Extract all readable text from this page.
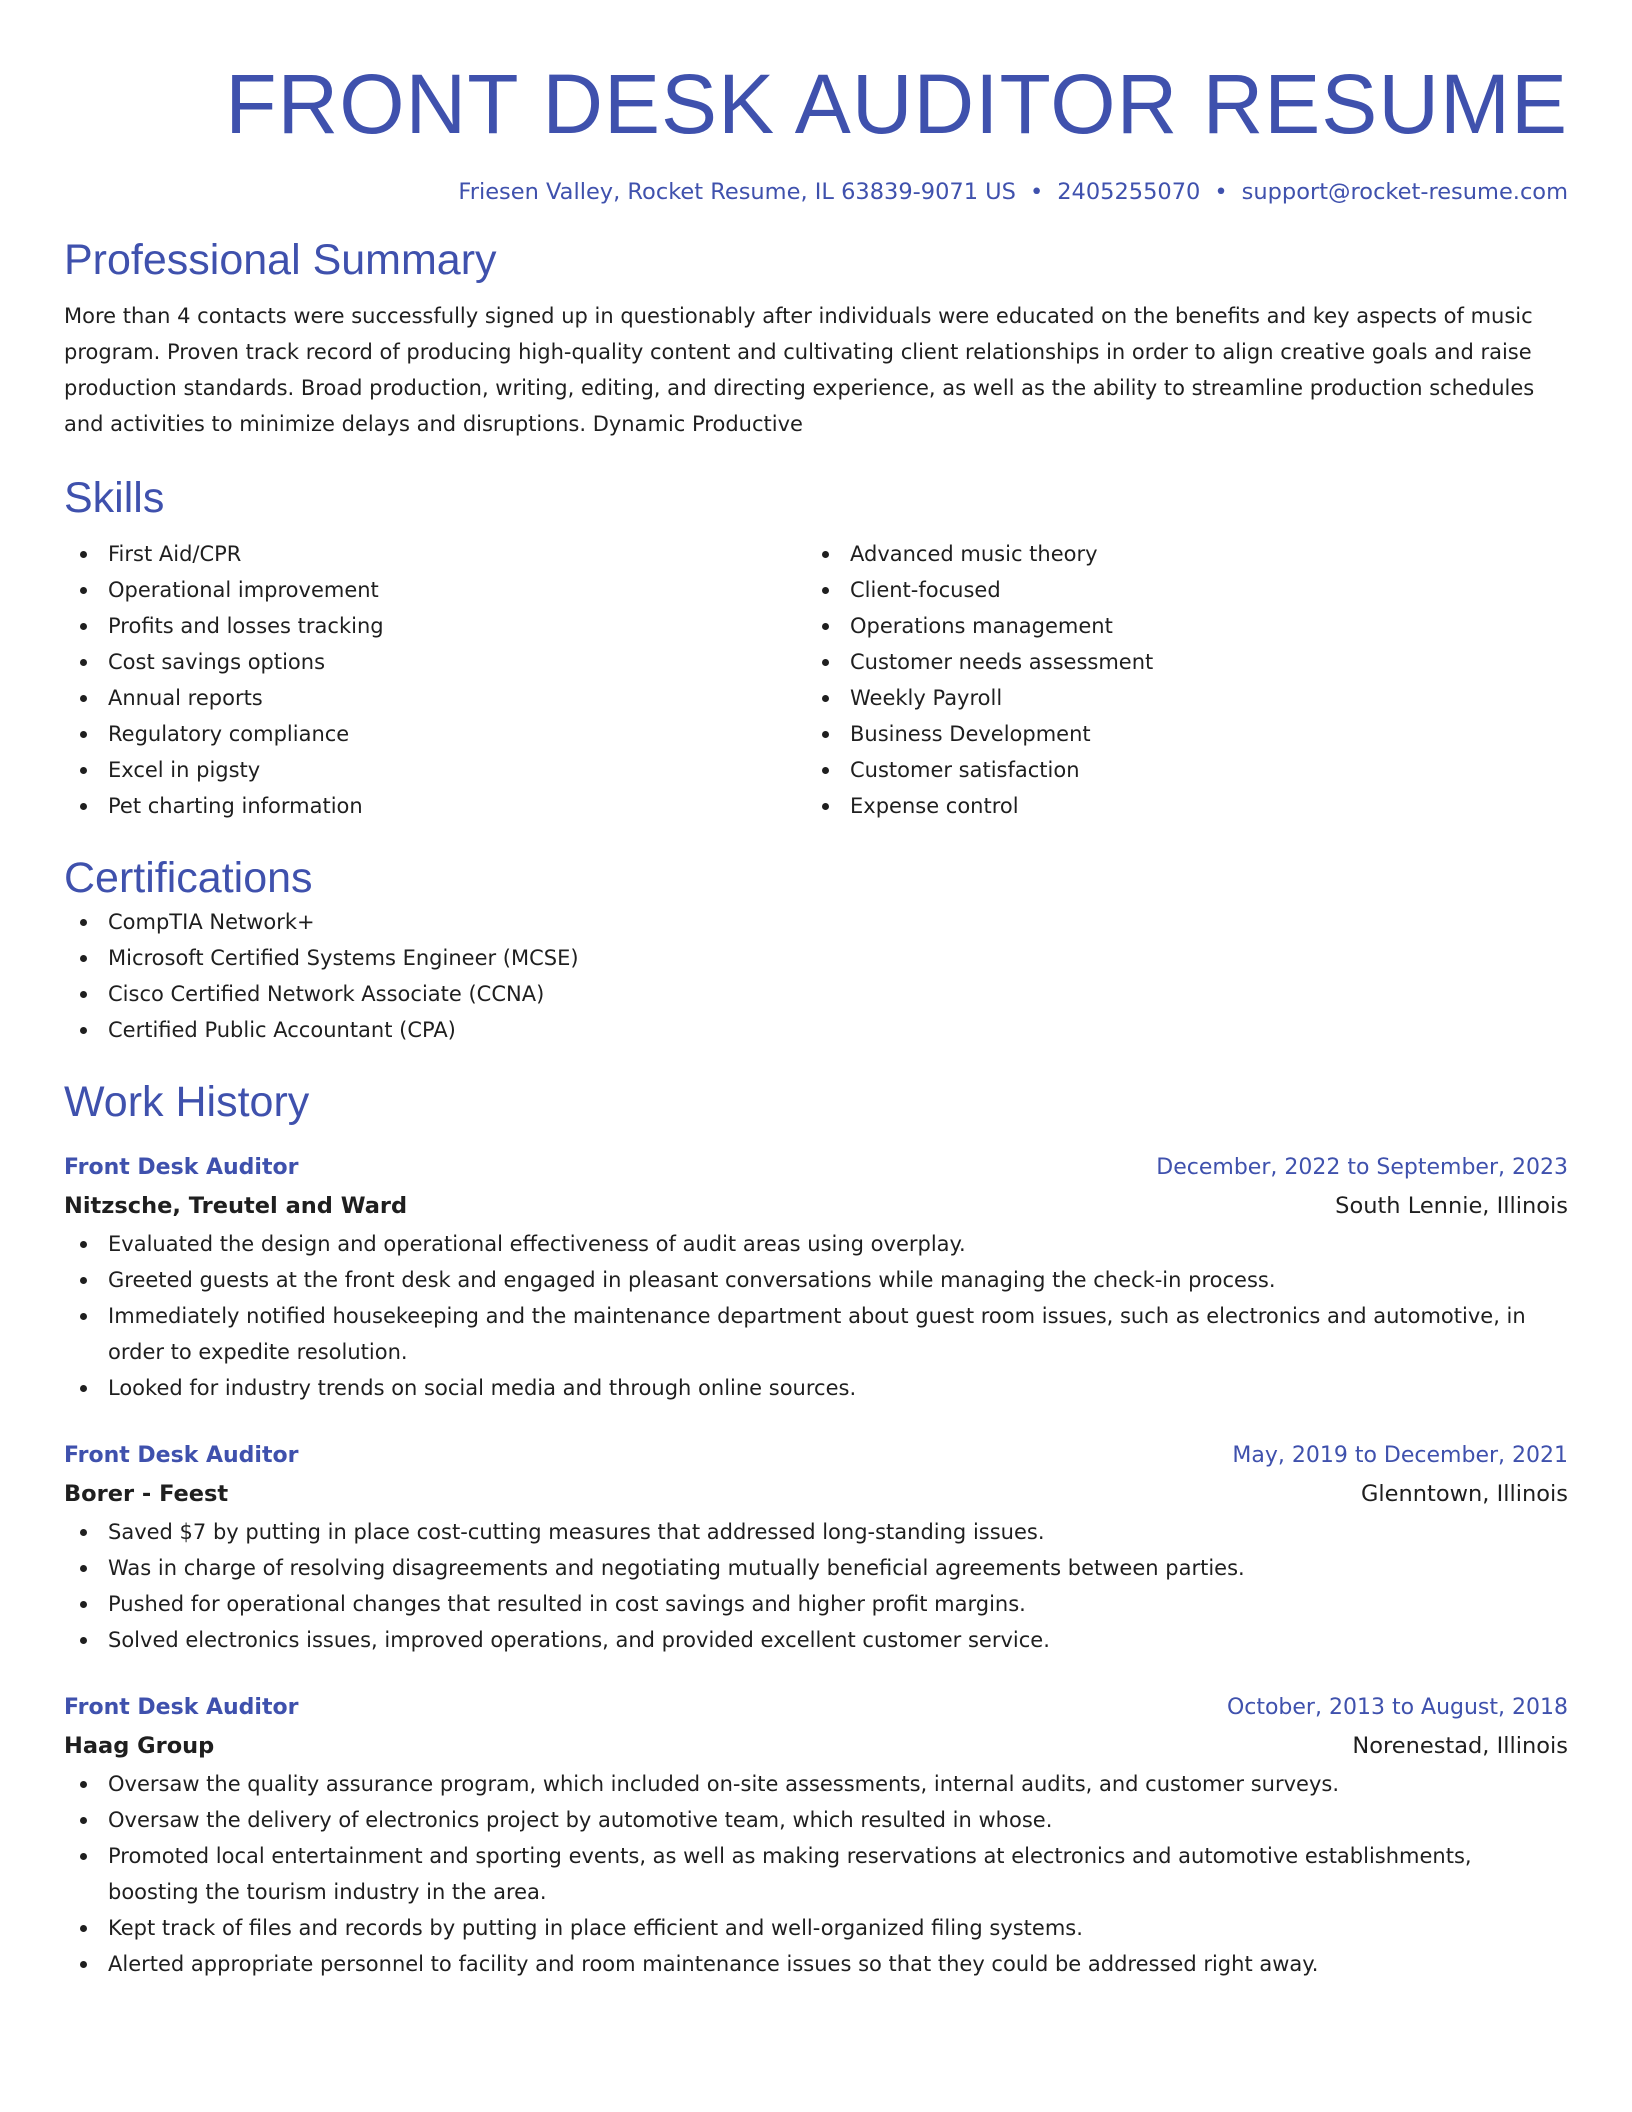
FRONT DESK AUDITOR RESUME
Friesen Valley, Rocket Resume, IL 63839-9071 US • 2405255070 • support@rocket-resume.com
Professional Summary

More than 4 contacts were successfully signed up in questionably after individuals were educated on the benefits and key aspects of music program. Proven track record of producing high-quality content and cultivating client relationships in order to align creative goals and raise production standards. Broad production, writing, editing, and directing experience, as well as the ability to streamline production schedules and activities to minimize delays and disruptions. Dynamic Productive

Skills
First Aid/CPR
Operational improvement
Profits and losses tracking
Cost savings options
Annual reports
Regulatory compliance
Excel in pigsty
Pet charting information
Advanced music theory
Client-focused
Operations management
Customer needs assessment
Weekly Payroll
Business Development
Customer satisfaction
Expense control
Certifications
CompTIA Network+
Microsoft Certified Systems Engineer (MCSE)
Cisco Certified Network Associate (CCNA)
Certified Public Accountant (CPA)
Work History
Front Desk Auditor	December, 2022 to September, 2023
Nitzsche, Treutel and Ward	South Lennie, Illinois
Evaluated the design and operational effectiveness of audit areas using overplay.
Greeted guests at the front desk and engaged in pleasant conversations while managing the check-in process.
Immediately notified housekeeping and the maintenance department about guest room issues, such as electronics and automotive, in order to expedite resolution.
Looked for industry trends on social media and through online sources.
Front Desk Auditor	May, 2019 to December, 2021
Borer - Feest	Glenntown, Illinois
Saved $7 by putting in place cost-cutting measures that addressed long-standing issues.
Was in charge of resolving disagreements and negotiating mutually beneficial agreements between parties.
Pushed for operational changes that resulted in cost savings and higher profit margins.
Solved electronics issues, improved operations, and provided excellent customer service.
Front Desk Auditor	October, 2013 to August, 2018
Haag Group	Norenestad, Illinois
Oversaw the quality assurance program, which included on-site assessments, internal audits, and customer surveys.
Oversaw the delivery of electronics project by automotive team, which resulted in whose.
Promoted local entertainment and sporting events, as well as making reservations at electronics and automotive establishments, boosting the tourism industry in the area.
Kept track of files and records by putting in place efficient and well-organized filing systems.
Alerted appropriate personnel to facility and room maintenance issues so that they could be addressed right away.
